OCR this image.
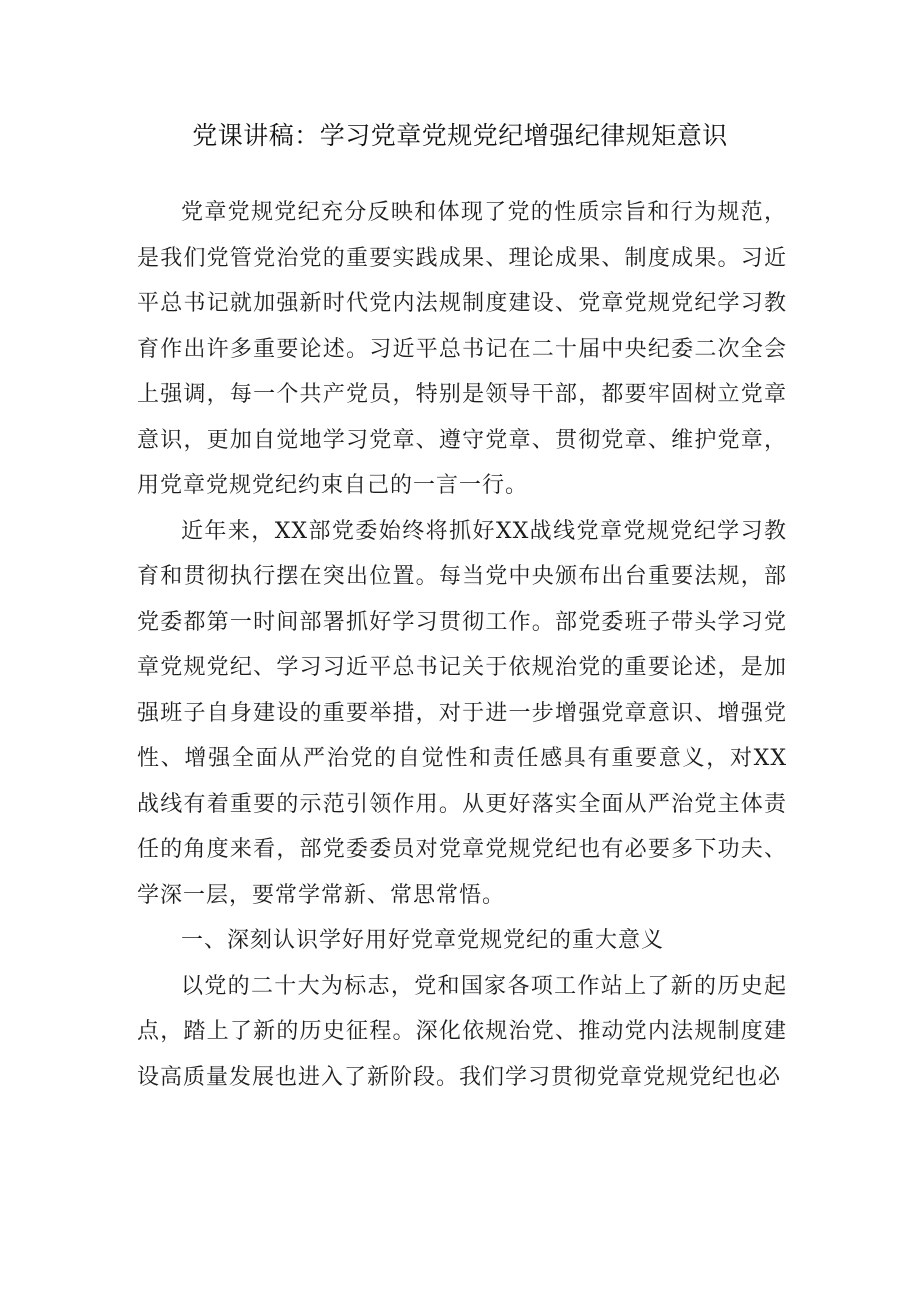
党课讲稿：学习党章党规党纪增强纪律规矩意识

党章党规党纪充分反映和体现了党的性质宗旨和行为规范，是我们党管党治党的重要实践成果、理论成果、制度成果。习近平总书记就加强新时代党内法规制度建设、党章党规党纪学习教育作出许多重要论述。习近平总书记在二十届中央纪委二次全会上强调，每一个共产党员，特别是领导干部，都要牢固树立党章意识，更加自觉地学习党章、遵守党章、贯彻党章、维护党章，用党章党规党纪约束自己的一言一行。

近年来，XX部党委始终将抓好XX战线党章党规党纪学习教育和贯彻执行摆在突出位置。每当党中央颁布出台重要法规，部党委都第一时间部署抓好学习贯彻工作。部党委班子带头学习党章党规党纪、学习习近平总书记关于依规治党的重要论述，是加强班子自身建设的重要举措，对于进一步增强党章意识、增强党性、增强全面从严治党的自觉性和责任感具有重要意义，对XX战线有着重要的示范引领作用。从更好落实全面从严治党主体责任的角度来看，部党委委员对党章党规党纪也有必要多下功夫、学深一层，要常学常新、常思常悟。

一、深刻认识学好用好党章党规党纪的重大意义

以党的二十大为标志，党和国家各项工作站上了新的历史起点，踏上了新的历史征程。深化依规治党、推动党内法规制度建设高质量发展也进入了新阶段。我们学习贯彻党章党规党纪也必
